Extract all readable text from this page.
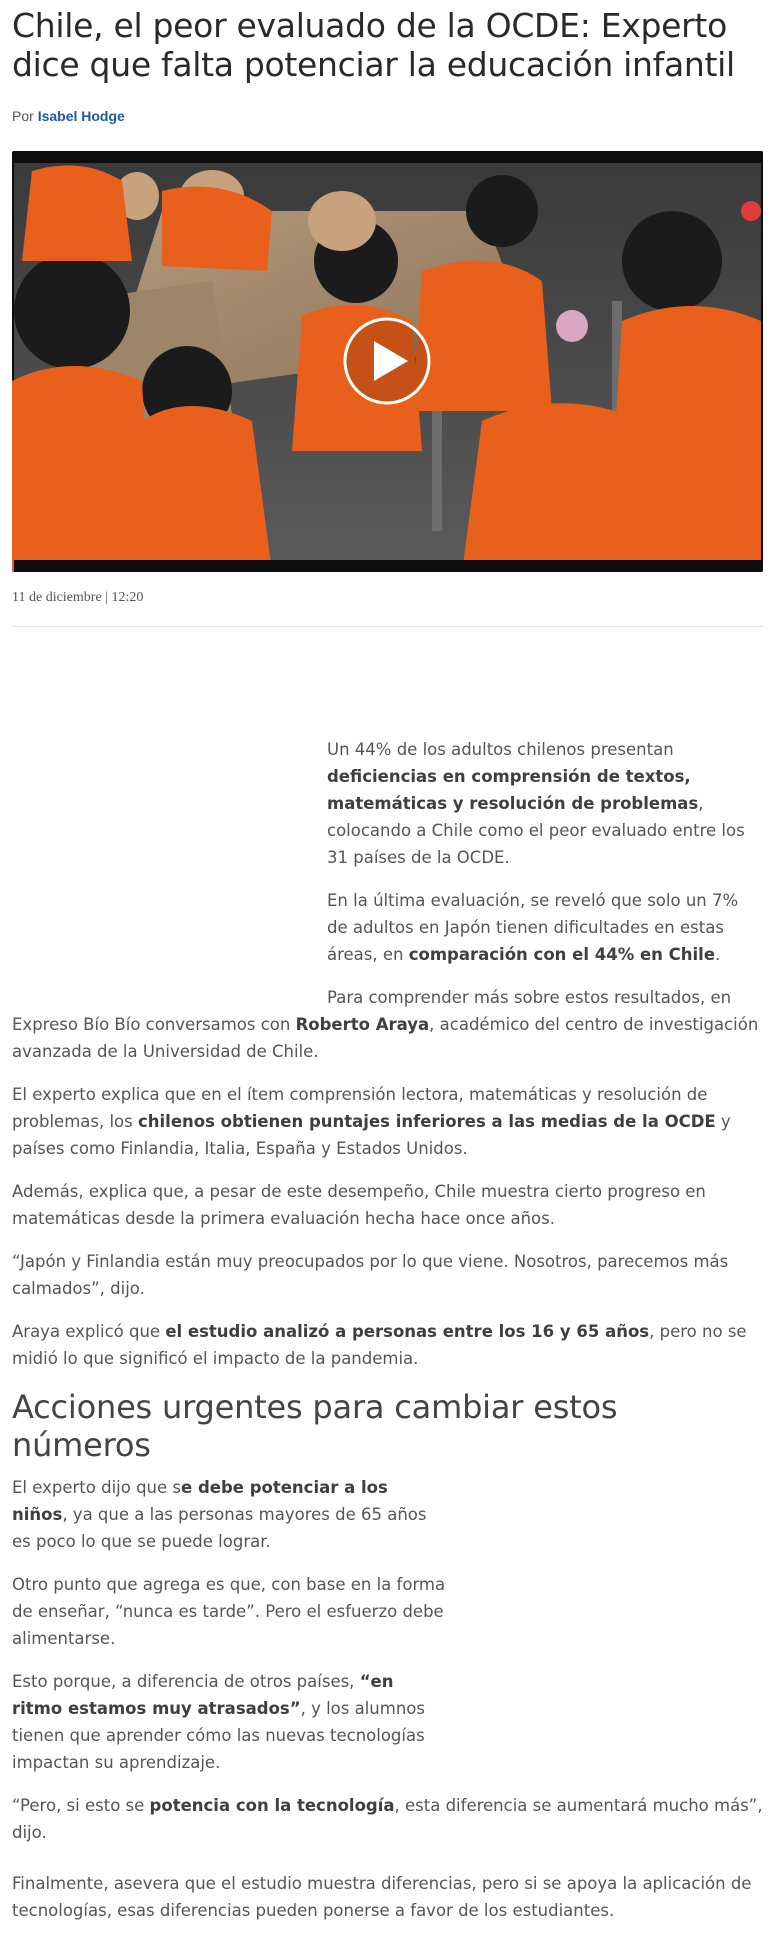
Chile, el peor evaluado de la OCDE: Experto dice que falta potenciar la educación infantil
Por Isabel Hodge
11 de diciembre | 12:20

Un 44% de los adultos chilenos presentan deficiencias en comprensión de textos, matemáticas y resolución de problemas, colocando a Chile como el peor evaluado entre los 31 países de la OCDE.

En la última evaluación, se reveló que solo un 7% de adultos en Japón tienen dificultades en estas áreas, en comparación con el 44% en Chile.

Para comprender más sobre estos resultados, en Expreso Bío Bío conversamos con Roberto Araya, académico del centro de investigación avanzada de la Universidad de Chile.

El experto explica que en el ítem comprensión lectora, matemáticas y resolución de problemas, los chilenos obtienen puntajes inferiores a las medias de la OCDE y países como Finlandia, Italia, España y Estados Unidos.

Además, explica que, a pesar de este desempeño, Chile muestra cierto progreso en matemáticas desde la primera evaluación hecha hace once años.

“Japón y Finlandia están muy preocupados por lo que viene. Nosotros, parecemos más calmados”, dijo.

Araya explicó que el estudio analizó a personas entre los 16 y 65 años, pero no se midió lo que significó el impacto de la pandemia.

Acciones urgentes para cambiar estos números

El experto dijo que se debe potenciar a los niños, ya que a las personas mayores de 65 años es poco lo que se puede lograr.

Otro punto que agrega es que, con base en la forma de enseñar, “nunca es tarde”. Pero el esfuerzo debe alimentarse.

Esto porque, a diferencia de otros países, “en ritmo estamos muy atrasados”, y los alumnos tienen que aprender cómo las nuevas tecnologías impactan su aprendizaje.

“Pero, si esto se potencia con la tecnología, esta diferencia se aumentará mucho más”, dijo.

Finalmente, asevera que el estudio muestra diferencias, pero si se apoya la aplicación de tecnologías, esas diferencias pueden ponerse a favor de los estudiantes.
